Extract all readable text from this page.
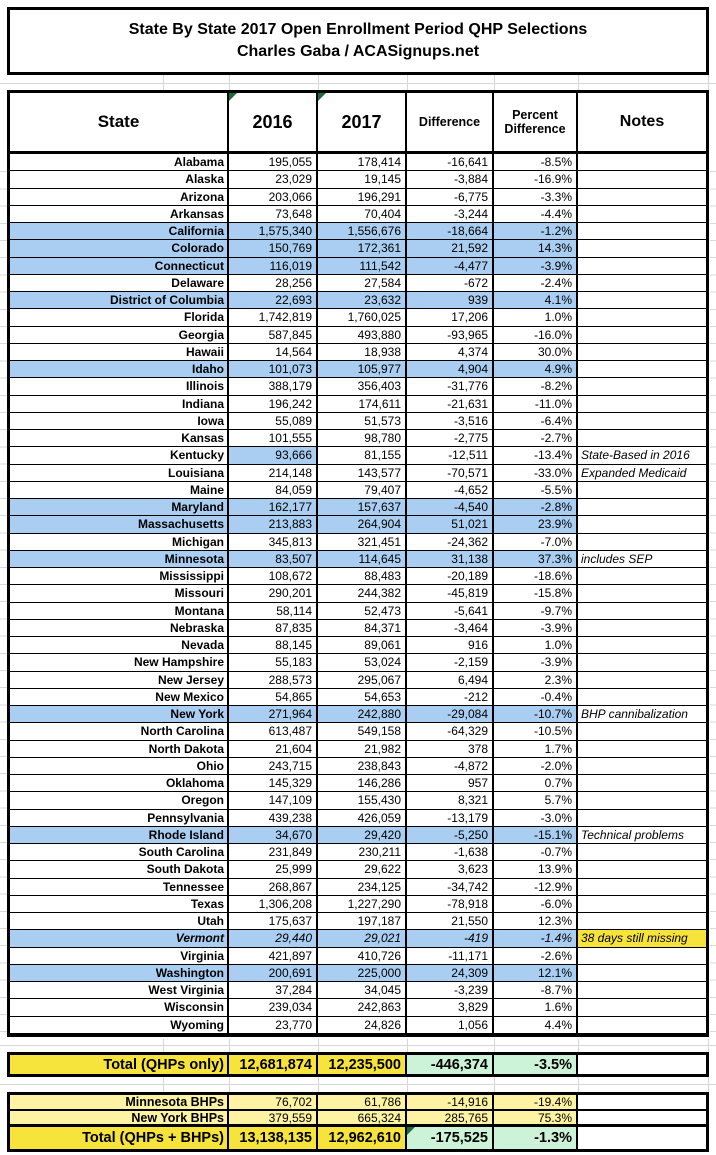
State By State 2017 Open Enrollment Period QHP Selections
Charles Gaba / ACASignups.net
State	2016	2017	Difference	Percent Difference	Notes
Alabama	195,055	178,414	-16,641	-8.5%
Alaska	23,029	19,145	-3,884	-16.9%
Arizona	203,066	196,291	-6,775	-3.3%
Arkansas	73,648	70,404	-3,244	-4.4%
California	1,575,340	1,556,676	-18,664	-1.2%
Colorado	150,769	172,361	21,592	14.3%
Connecticut	116,019	111,542	-4,477	-3.9%
Delaware	28,256	27,584	-672	-2.4%
District of Columbia	22,693	23,632	939	4.1%
Florida	1,742,819	1,760,025	17,206	1.0%
Georgia	587,845	493,880	-93,965	-16.0%
Hawaii	14,564	18,938	4,374	30.0%
Idaho	101,073	105,977	4,904	4.9%
Illinois	388,179	356,403	-31,776	-8.2%
Indiana	196,242	174,611	-21,631	-11.0%
Iowa	55,089	51,573	-3,516	-6.4%
Kansas	101,555	98,780	-2,775	-2.7%
Kentucky	93,666	81,155	-12,511	-13.4% State-Based in 2016
Louisiana	214,148	143,577	-70,571	-33.0% Expanded Medicaid
Maine	84,059	79,407	-4,652	-5.5%
Maryland	162,177	157,637	-4,540	-2.8%
Massachusetts	213,883	264,904	51,021	23.9%
Michigan	345,813	321,451	-24,362	-7.0%
Minnesota	83,507	114,645	31,138	37.3% includes SEP
Mississippi	108,672	88,483	-20,189	-18.6%
Missouri	290,201	244,382	-45,819	-15.8%
Montana	58,114	52,473	-5,641	-9.7%
Nebraska	87,835	84,371	-3,464	-3.9%
Nevada	88,145	89,061	916	1.0%
New Hampshire	55,183	53,024	-2,159	-3.9%
New Jersey	288,573	295,067	6,494	2.3%
New Mexico	54,865	54,653	-212	-0.4%
New York	271,964	242,880	-29,084	-10.7% BHP cannibalization
North Carolina	613,487	549,158	-64,329	-10.5%
North Dakota	21,604	21,982	378	1.7%
Ohio	243,715	238,843	-4,872	-2.0%
Oklahoma	145,329	146,286	957	0.7%
Oregon	147,109	155,430	8,321	5.7%
Pennsylvania	439,238	426,059	-13,179	-3.0%
Rhode Island	34,670	29,420	-5,250	-15.1% Technical problems
South Carolina	231,849	230,211	-1,638	-0.7%
South Dakota	25,999	29,622	3,623	13.9%
Tennessee	268,867	234,125	-34,742	-12.9%
Texas	1,306,208	1,227,290	-78,918	-6.0%
Utah	175,637	197,187	21,550	12.3%
Vermont	29,440	29,021	-419	-1.4% 38 days still missing
Virginia	421,897	410,726	-11,171	-2.6%
Washington	200,691	225,000	24,309	12.1%
West Virginia	37,284	34,045	-3,239	-8.7%
Wisconsin	239,034	242,863	3,829	1.6%
Wyoming	23,770	24,826	1,056	4.4%
Total (QHPs only)	12,681,874	12,235,500	-446,374	-3.5%
Minnesota BHPs	76,702	61,786	-14,916	-19.4%
New York BHPs	379,559	665,324	285,765	75.3%
Total (QHPs + BHPs)	13,138,135	12,962,610	-175,525	-1.3%
